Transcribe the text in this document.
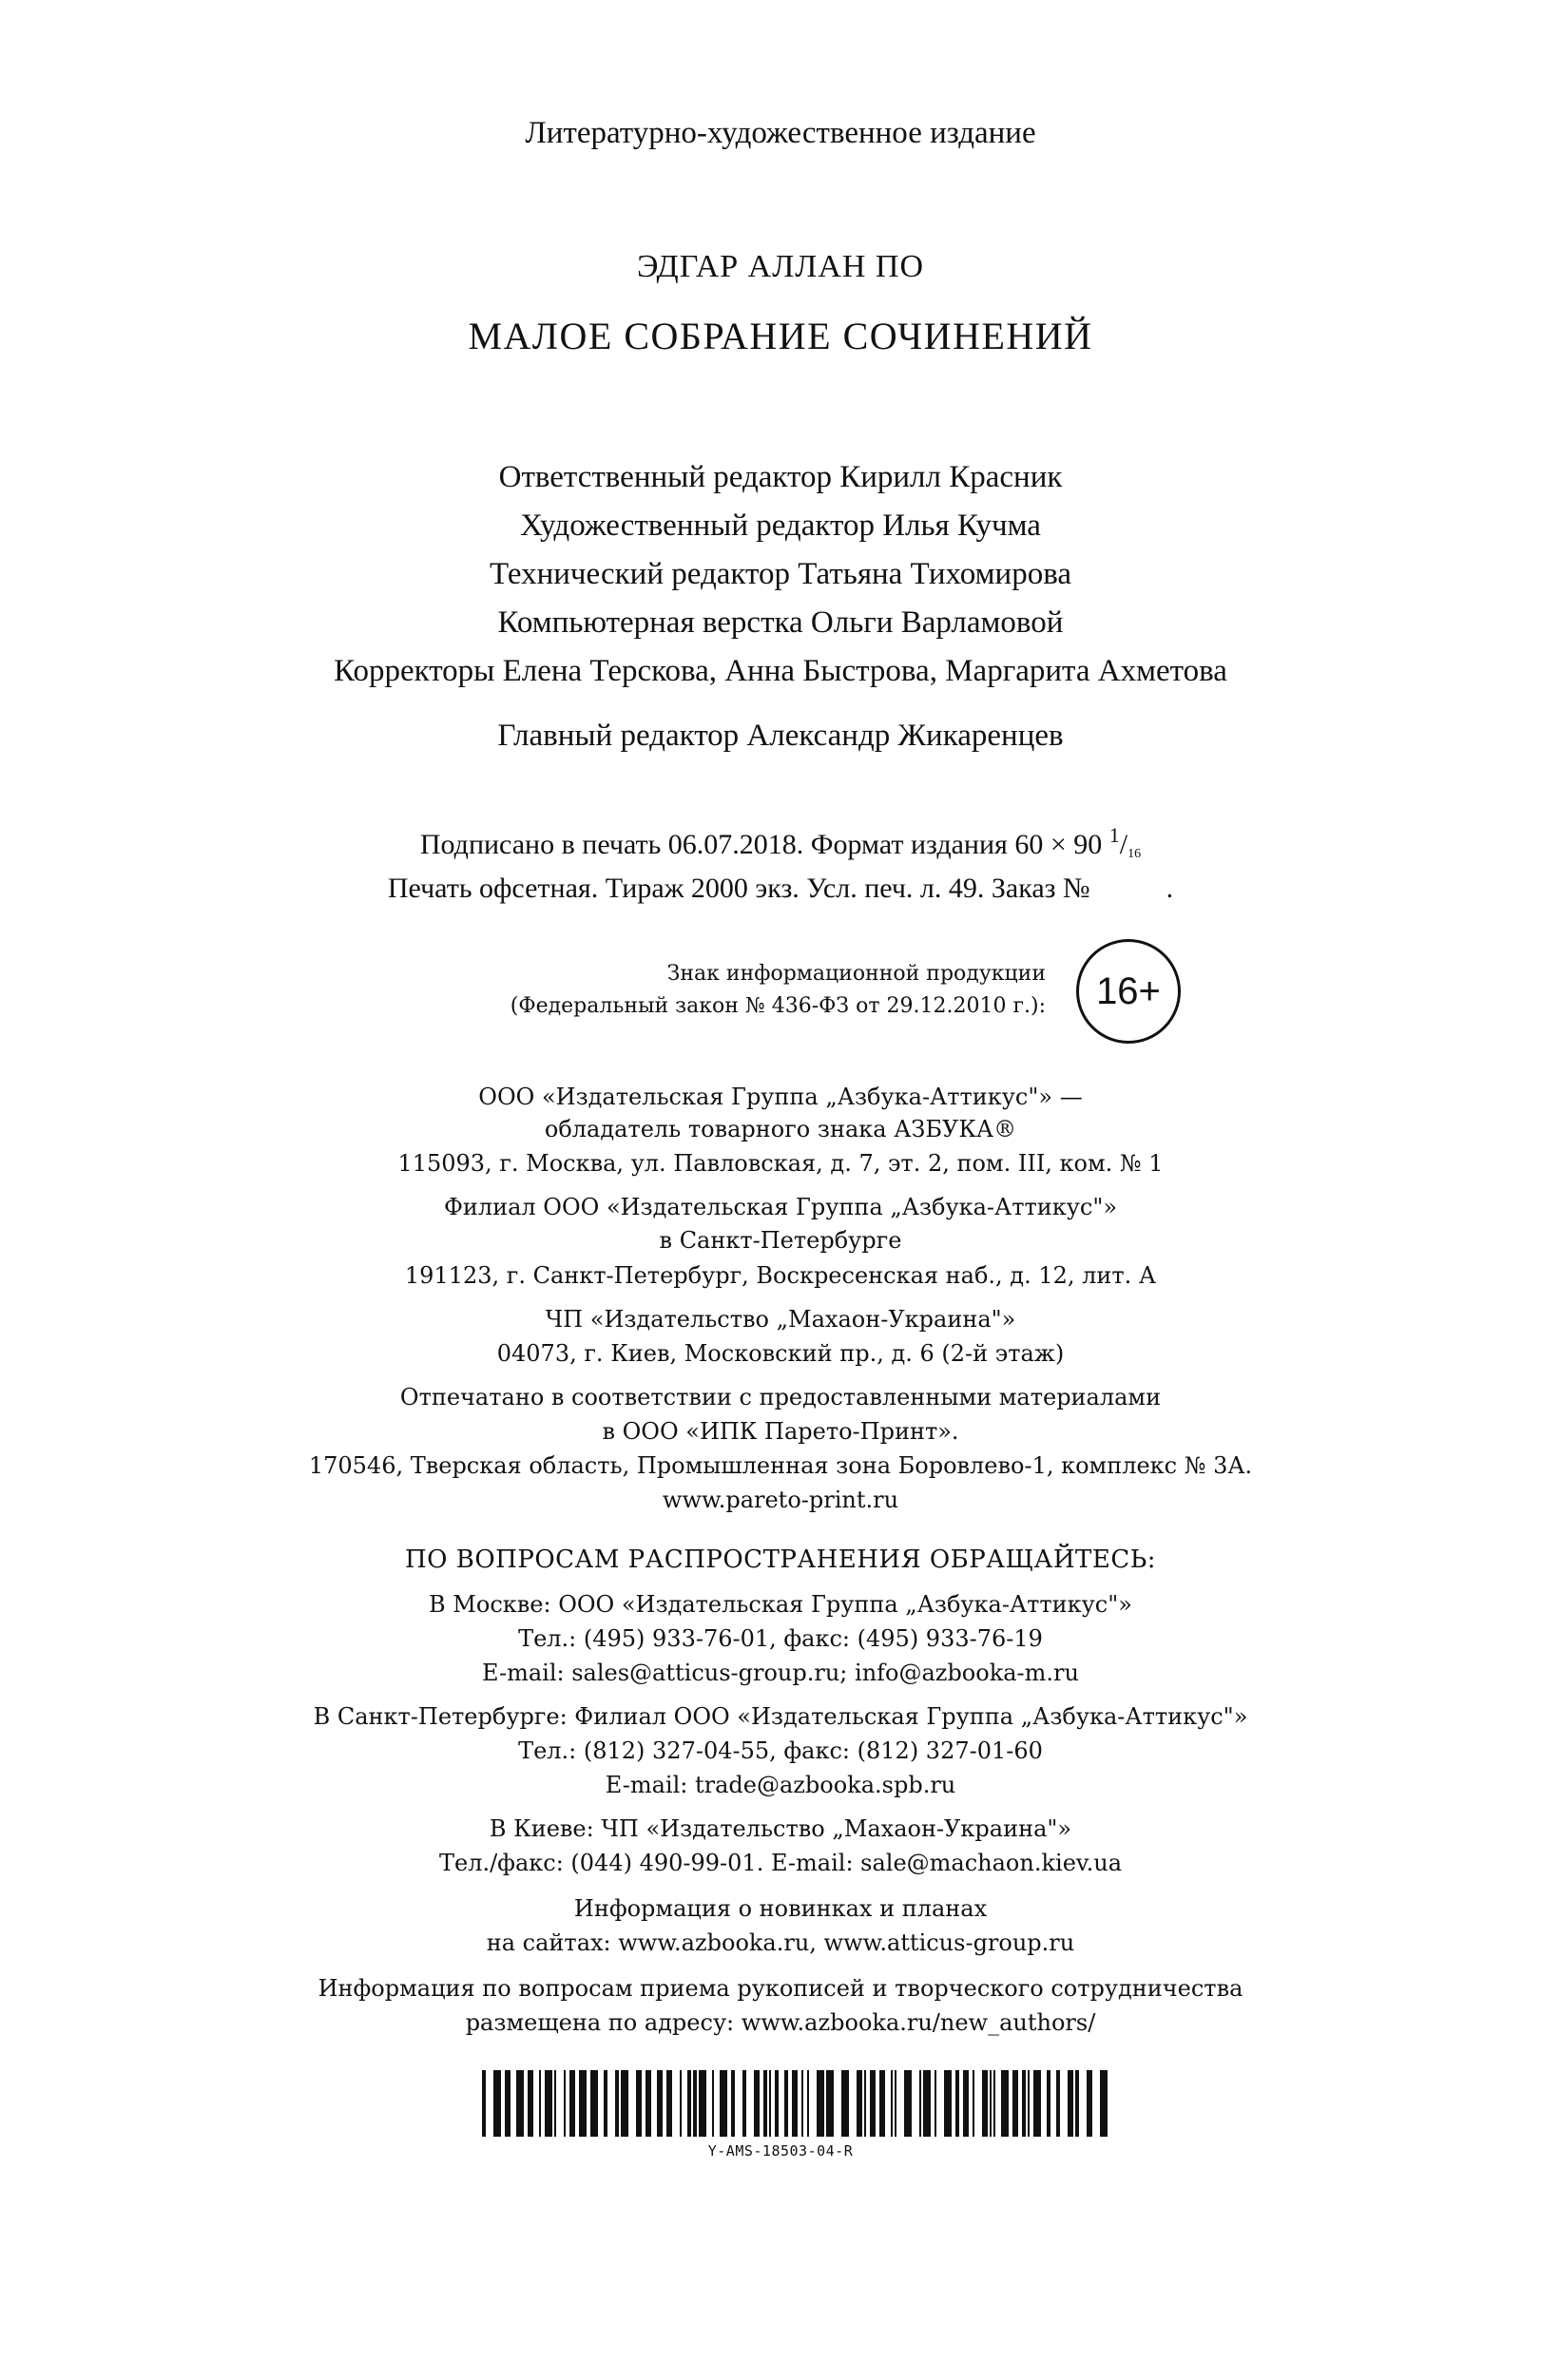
Литературно-художественное издание
ЭДГАР АЛЛАН ПО
МАЛОЕ СОБРАНИЕ СОЧИНЕНИЙ
Ответственный редактор Кирилл Красник
Художественный редактор Илья Кучма
Технический редактор Татьяна Тихомирова
Компьютерная верстка Ольги Варламовой
Корректоры Елена Терскова, Анна Быстрова, Маргарита Ахметова
Главный редактор Александр Жикаренцев
Подписано в печать 06.07.2018. Формат издания 60 × 90 $^1$/16
Печать офсетная. Тираж 2000 экз. Усл. печ. л. 49. Заказ №	.
Знак информационной продукции
(Федеральный закон № 436-ФЗ от 29.12.2010 г.):	16+
ООО «Издательская Группа „Азбука-Аттикус"» —
обладатель товарного знака АЗБУКА®
115093, г. Москва, ул. Павловская, д. 7, эт. 2, пом. III, ком. № 1
Филиал ООО «Издательская Группа „Азбука-Аттикус"»
в Санкт-Петербурге
191123, г. Санкт-Петербург, Воскресенская наб., д. 12, лит. А
ЧП «Издательство „Махаон-Украина"»
04073, г. Киев, Московский пр., д. 6 (2-й этаж)
Отпечатано в соответствии с предоставленными материалами
в ООО «ИПК Парето-Принт».
170546, Тверская область, Промышленная зона Боровлево-1, комплекс № 3А.
www.pareto-print.ru
ПО ВОПРОСАМ РАСПРОСТРАНЕНИЯ ОБРАЩАЙТЕСЬ:
В Москве: ООО «Издательская Группа „Азбука-Аттикус"»
Тел.: (495) 933-76-01, факс: (495) 933-76-19
E-mail: sales@atticus-group.ru; info@azbooka-m.ru
В Санкт-Петербурге: Филиал ООО «Издательская Группа „Азбука-Аттикус"»
Тел.: (812) 327-04-55, факс: (812) 327-01-60
E-mail: trade@azbooka.spb.ru
В Киеве: ЧП «Издательство „Махаон-Украина"»
Тел./факс: (044) 490-99-01. E-mail: sale@machaon.kiev.ua
Информация о новинках и планах
на сайтах: www.azbooka.ru, www.atticus-group.ru
Информация по вопросам приема рукописей и творческого сотрудничества
размещена по адресу: www.azbooka.ru/new_authors/
Y-AMS-18503-04-R
